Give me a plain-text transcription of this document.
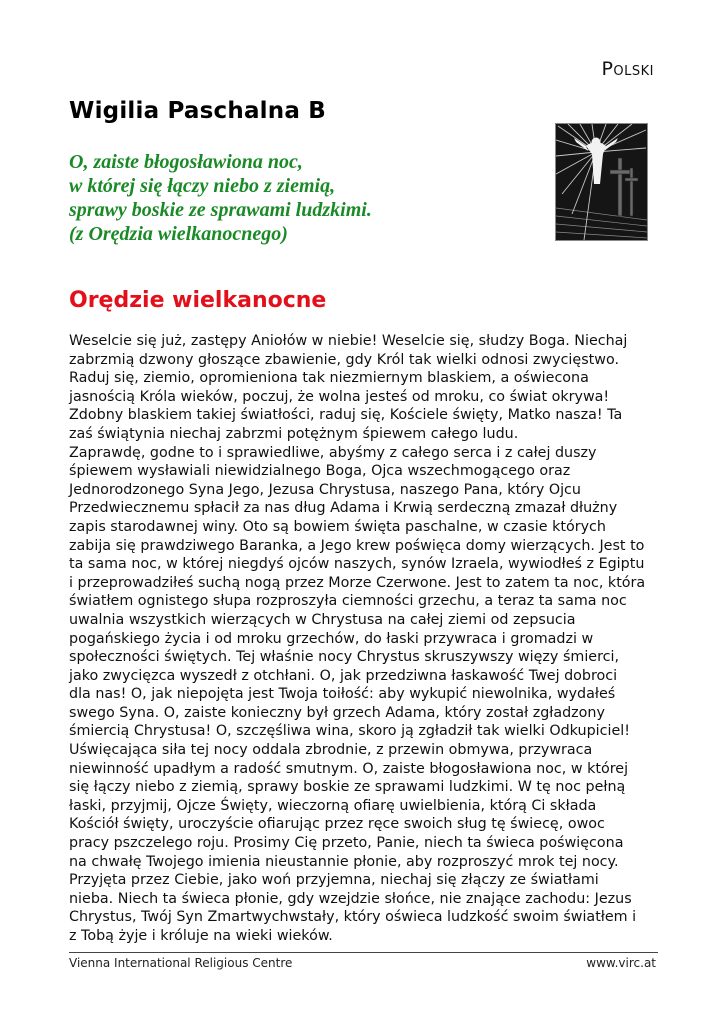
Polski
Wigilia Paschalna B
O, zaiste błogosławiona noc,
w której się łączy niebo z ziemią,
sprawy boskie ze sprawami ludzkimi.
(z Orędzia wielkanocnego)
Orędzie wielkanocne
Weselcie się już, zastępy Aniołów w niebie! Weselcie się, słudzy Boga. Niechaj
zabrzmią dzwony głoszące zbawienie, gdy Król tak wielki odnosi zwycięstwo.
Raduj się, ziemio, opromieniona tak niezmiernym blaskiem, a oświecona
jasnością Króla wieków, poczuj, że wolna jesteś od mroku, co świat okrywa!
Zdobny blaskiem takiej światłości, raduj się, Kościele święty, Matko nasza! Ta
zaś świątynia niechaj zabrzmi potężnym śpiewem całego ludu.
Zaprawdę, godne to i sprawiedliwe, abyśmy z całego serca i z całej duszy
śpiewem wysławiali niewidzialnego Boga, Ojca wszechmogącego oraz
Jednorodzonego Syna Jego, Jezusa Chrystusa, naszego Pana, który Ojcu
Przedwiecznemu spłacił za nas dług Adama i Krwią serdeczną zmazał dłużny
zapis starodawnej winy. Oto są bowiem święta paschalne, w czasie których
zabija się prawdziwego Baranka, a Jego krew poświęca domy wierzących. Jest to
ta sama noc, w której niegdyś ojców naszych, synów Izraela, wywiodłeś z Egiptu
i przeprowadziłeś suchą nogą przez Morze Czerwone. Jest to zatem ta noc, która
światłem ognistego słupa rozproszyła ciemności grzechu, a teraz ta sama noc
uwalnia wszystkich wierzących w Chrystusa na całej ziemi od zepsucia
pogańskiego życia i od mroku grzechów, do łaski przywraca i gromadzi w
społeczności świętych. Tej właśnie nocy Chrystus skruszywszy więzy śmierci,
jako zwycięzca wyszedł z otchłani. O, jak przedziwna łaskawość Twej dobroci
dla nas! O, jak niepojęta jest Twoja toiłość: aby wykupić niewolnika, wydałeś
swego Syna. O, zaiste konieczny był grzech Adama, który został zgładzony
śmiercią Chrystusa! O, szczęśliwa wina, skoro ją zgładził tak wielki Odkupiciel!
Uświęcająca siła tej nocy oddala zbrodnie, z przewin obmywa, przywraca
niewinność upadłym a radość smutnym. O, zaiste błogosławiona noc, w której
się łączy niebo z ziemią, sprawy boskie ze sprawami ludzkimi. W tę noc pełną
łaski, przyjmij, Ojcze Święty, wieczorną ofiarę uwielbienia, którą Ci składa
Kościół święty, uroczyście ofiarując przez ręce swoich sług tę świecę, owoc
pracy pszczelego roju. Prosimy Cię przeto, Panie, niech ta świeca poświęcona
na chwałę Twojego imienia nieustannie płonie, aby rozproszyć mrok tej nocy.
Przyjęta przez Ciebie, jako woń przyjemna, niechaj się złączy ze światłami
nieba. Niech ta świeca płonie, gdy wzejdzie słońce, nie znające zachodu: Jezus
Chrystus, Twój Syn Zmartwychwstały, który oświeca ludzkość swoim światłem i
z Tobą żyje i króluje na wieki wieków.
Vienna International Religious Centre	www.virc.at
